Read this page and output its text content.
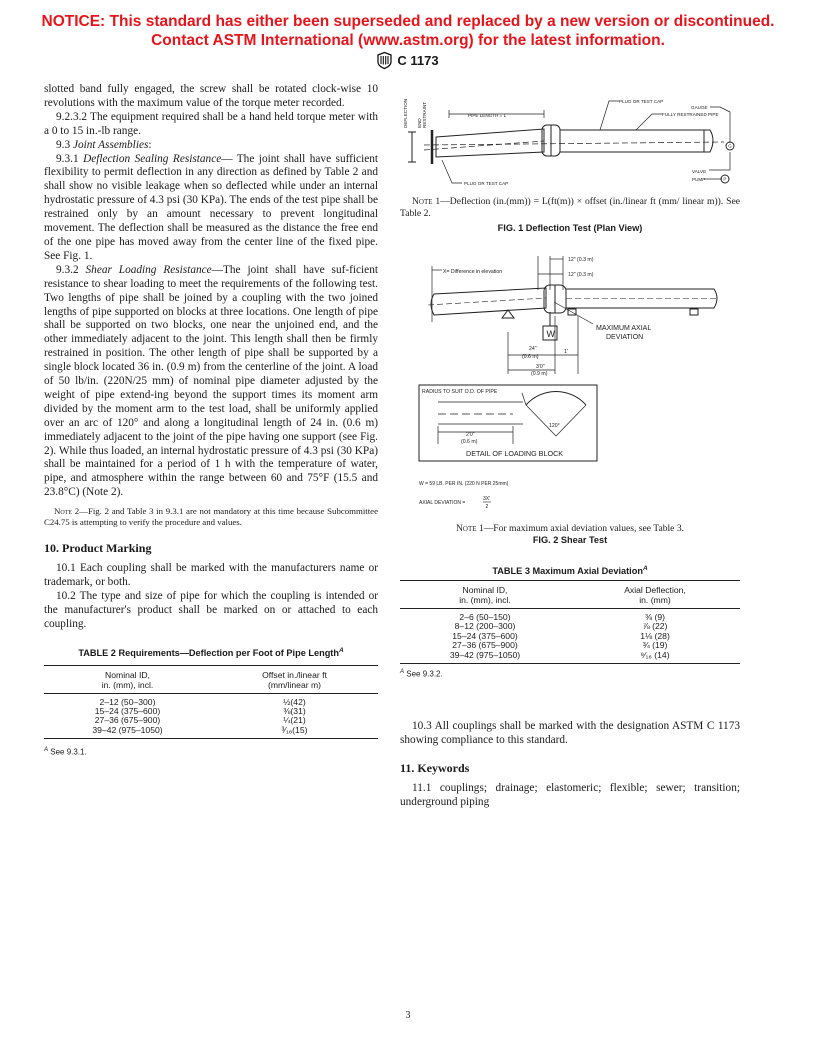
NOTICE: This standard has either been superseded and replaced by a new version or discontinued.
Contact ASTM International (www.astm.org) for the latest information.
C 1173

slotted band fully engaged, the screw shall be rotated clock-wise 10 revolutions with the maximum value of the torque meter recorded.

9.2.3.2 The equipment required shall be a hand held torque meter with a 0 to 15 in.-lb range.

9.3 Joint Assemblies:

9.3.1 Deflection Sealing Resistance— The joint shall have sufficient flexibility to permit deflection in any direction as defined by Table 2 and shall show no visible leakage when so deflected while under an internal hydrostatic pressure of 4.3 psi (30 KPa). The ends of the test pipe shall be restrained only by an amount necessary to prevent longitudinal movement. The deflection shall be measured as the distance the free end of the one pipe has moved away from the center line of the fixed pipe. See Fig. 1.

9.3.2 Shear Loading Resistance—The joint shall have suf-ficient resistance to shear loading to meet the requirements of the following test. Two lengths of pipe shall be joined by a coupling with the two joined lengths of pipe supported on blocks at three locations. One length of pipe shall be supported on two blocks, one near the unjoined end, and the other immediately adjacent to the joint. This length shall then be firmly restrained in position. The other length of pipe shall be supported by a single block located 36 in. (0.9 m) from the centerline of the joint. A load of 50 lb/in. (220N/25 mm) of nominal pipe diameter adjusted by the weight of pipe extend-ing beyond the support times its moment arm divided by the moment arm to the test load, shall be uniformly applied over an arc of 120° and along a longitudinal length of 24 in. (0.6 m) immediately adjacent to the joint of the pipe having one support (see Fig. 2). While thus loaded, an internal hydrostatic pressure of 4.3 psi (30 KPa) shall be maintained for a period of 1 h with the temperature of water, pipe, and atmosphere within the range between 60 and 75°F (15.5 and 23.8°C) (Note 2).

Note 2—Fig. 2 and Table 3 in 9.3.1 are not mandatory at this time because Subcommittee C24.75 is attempting to verify the procedure and values.

10. Product Marking

10.1 Each coupling shall be marked with the manufacturers name or trademark, or both.

10.2 The type and size of pipe for which the coupling is intended or the manufacturer's product shall be marked on or attached to each coupling.

TABLE 2 Requirements—Deflection per Foot of Pipe Length$^A$
Nominal ID,
in. (mm), incl.	Offset in./linear ft
(mm/linear m)
2–12 (50–300)	½(42)
15–24 (375–600)	⅜(31)
27–36 (675–900)	¼(21)
39–42 (975–1050)	³⁄₁₆(15)
$^A$ See 9.3.1.
DEFLECTION END RESTRAINT	PIPE LENGTH = L
PLUG OR TEST CAP
FULLY RESTRAINED PIPE
GAUGE
VALVE
PUMP
PLUG OR TEST CAP
G
P
Note 1—Deflection (in.(mm)) = L(ft(m)) × offset (in./linear ft (mm/ linear m)). See Table 2.
FIG. 1 Deflection Test (Plan View)
X= Difference in elevation
12" (0.3 m)
12" (0.3 m)
W
MAXIMUM AXIAL
DEVIATION
24"
(0.6 m)
1'
3'0"
(0.9 m)
RADIUS TO SUIT O.D. OF PIPE
2'0"
(0.6 m)
120°
DETAIL OF LOADING BLOCK
W = 59 LB. PER IN. (220 N PER 25mm)
AXIAL DEVIATION =
3X'
2
Note 1—For maximum axial deviation values, see Table 3.
FIG. 2 Shear Test
TABLE 3 Maximum Axial Deviation$^A$
Nominal ID,
in. (mm), incl.	Axial Deflection,
in. (mm)
2–6 (50–150)	⅜ (9)
8–12 (200–300)	⅞ (22)
15–24 (375–600)	1⅛ (28)
27–36 (675–900)	¾ (19)
39–42 (975–1050)	⁹⁄₁₆ (14)
$^A$ See 9.3.2.

10.3 All couplings shall be marked with the designation ASTM C 1173 showing compliance to this standard.

11. Keywords

11.1 couplings; drainage; elastomeric; flexible; sewer; transition; underground piping

3
